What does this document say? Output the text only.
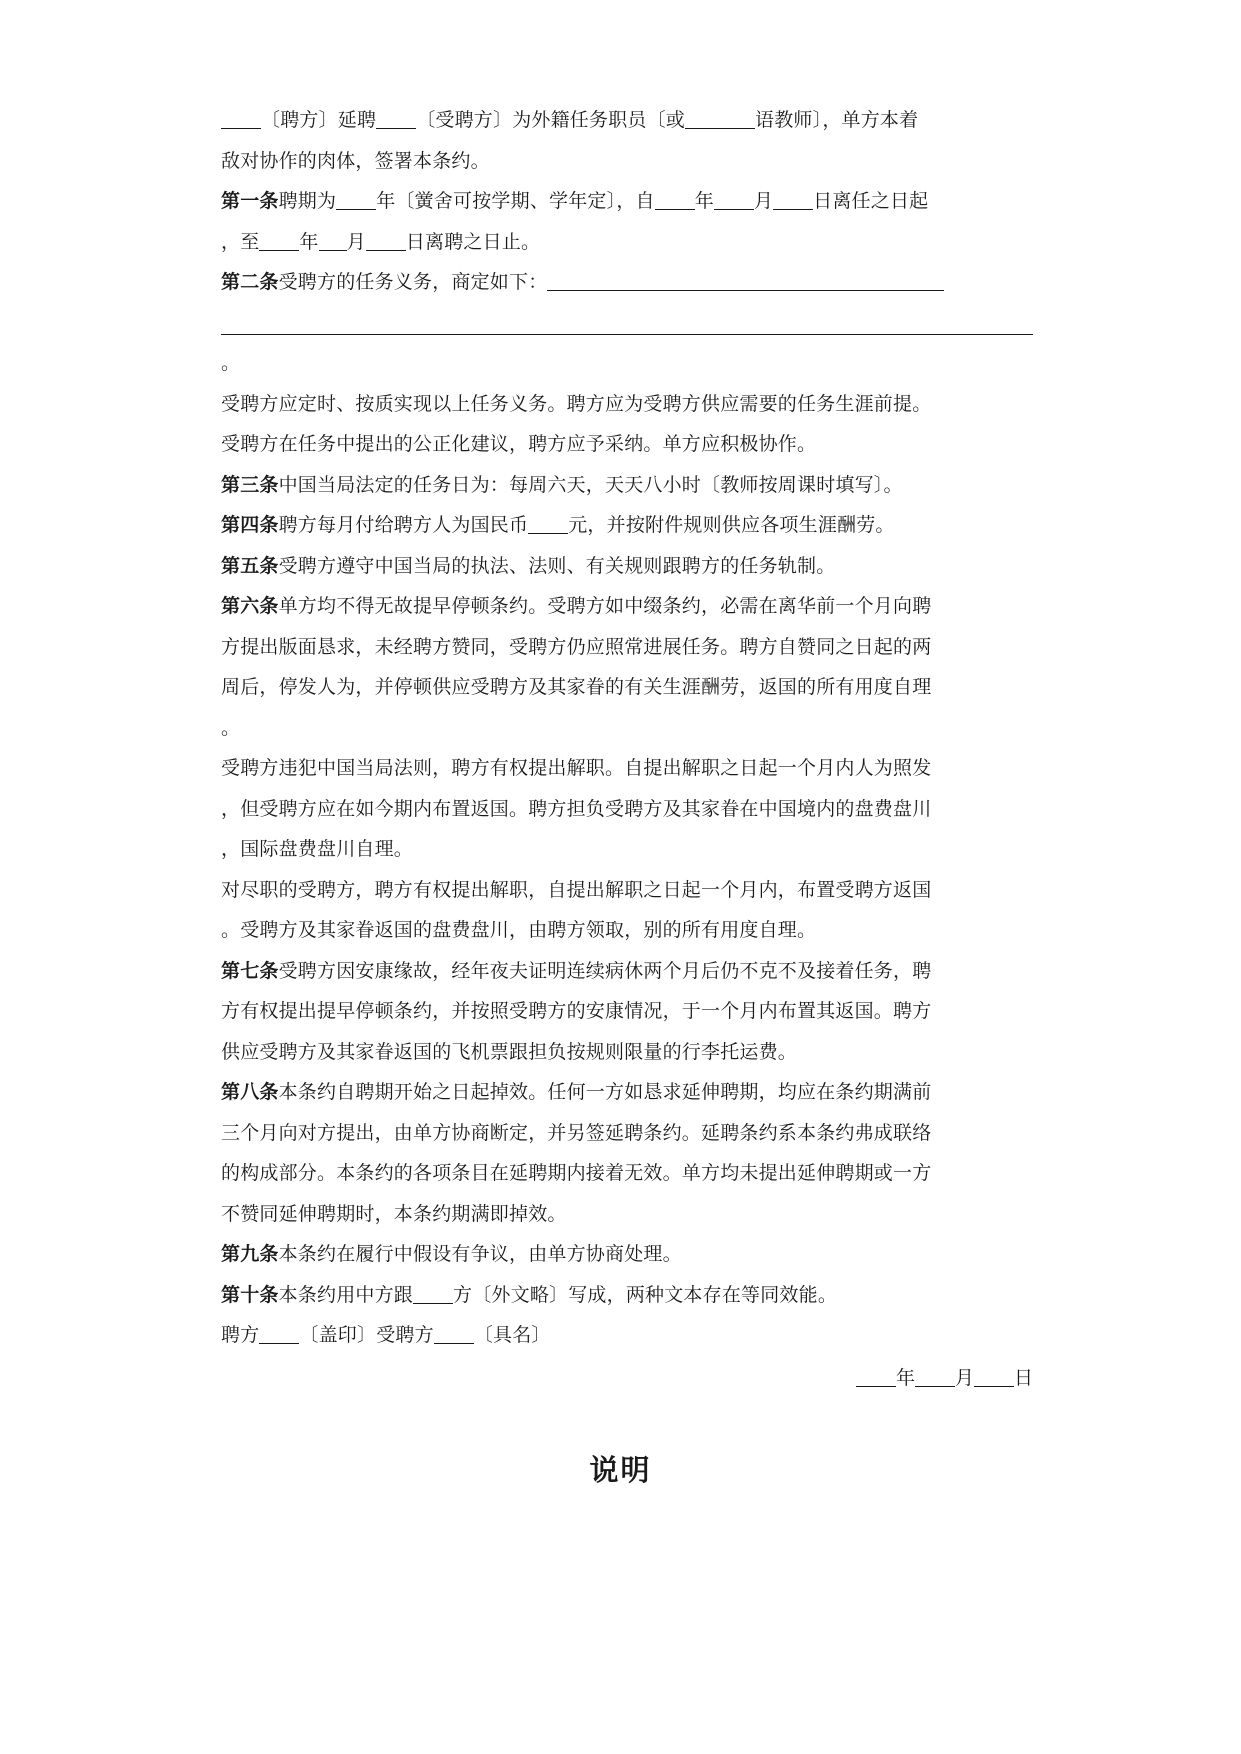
〔聘方〕延聘 〔受聘方〕为外籍任务职员〔或	语教师〕，单方本着
敌对协作的肉体，签署本条约。
第一条聘期为 年〔黉舍可按学期、学年定〕，自 年 月 日离任之日起
，至 年 月 日离聘之日止。
第二条受聘方的任务义务，商定如下：
。
受聘方应定时、按质实现以上任务义务。聘方应为受聘方供应需要的任务生涯前提。
受聘方在任务中提出的公正化建议，聘方应予采纳。单方应积极协作。
第三条中国当局法定的任务日为：每周六天，天天八小时〔教师按周课时填写〕。
第四条聘方每月付给聘方人为国民币 元，并按附件规则供应各项生涯酬劳。
第五条受聘方遵守中国当局的执法、法则、有关规则跟聘方的任务轨制。
第六条单方均不得无故提早停顿条约。受聘方如中缀条约，必需在离华前一个月向聘
方提出版面恳求，未经聘方赞同，受聘方仍应照常进展任务。聘方自赞同之日起的两
周后，停发人为，并停顿供应受聘方及其家眷的有关生涯酬劳，返国的所有用度自理
。
受聘方违犯中国当局法则，聘方有权提出解职。自提出解职之日起一个月内人为照发
，但受聘方应在如今期内布置返国。聘方担负受聘方及其家眷在中国境内的盘费盘川
，国际盘费盘川自理。
对尽职的受聘方，聘方有权提出解职，自提出解职之日起一个月内，布置受聘方返国
。受聘方及其家眷返国的盘费盘川，由聘方领取，别的所有用度自理。
第七条受聘方因安康缘故，经年夜夫证明连续病休两个月后仍不克不及接着任务，聘
方有权提出提早停顿条约，并按照受聘方的安康情况，于一个月内布置其返国。聘方
供应受聘方及其家眷返国的飞机票跟担负按规则限量的行李托运费。
第八条本条约自聘期开始之日起掉效。任何一方如恳求延伸聘期，均应在条约期满前
三个月向对方提出，由单方协商断定，并另签延聘条约。延聘条约系本条约弗成联络
的构成部分。本条约的各项条目在延聘期内接着无效。单方均未提出延伸聘期或一方
不赞同延伸聘期时，本条约期满即掉效。
第九条本条约在履行中假设有争议，由单方协商处理。
第十条本条约用中方跟 方〔外文略〕写成，两种文本存在等同效能。
聘方 〔盖印〕受聘方 〔具名〕
年 月 日
说明
